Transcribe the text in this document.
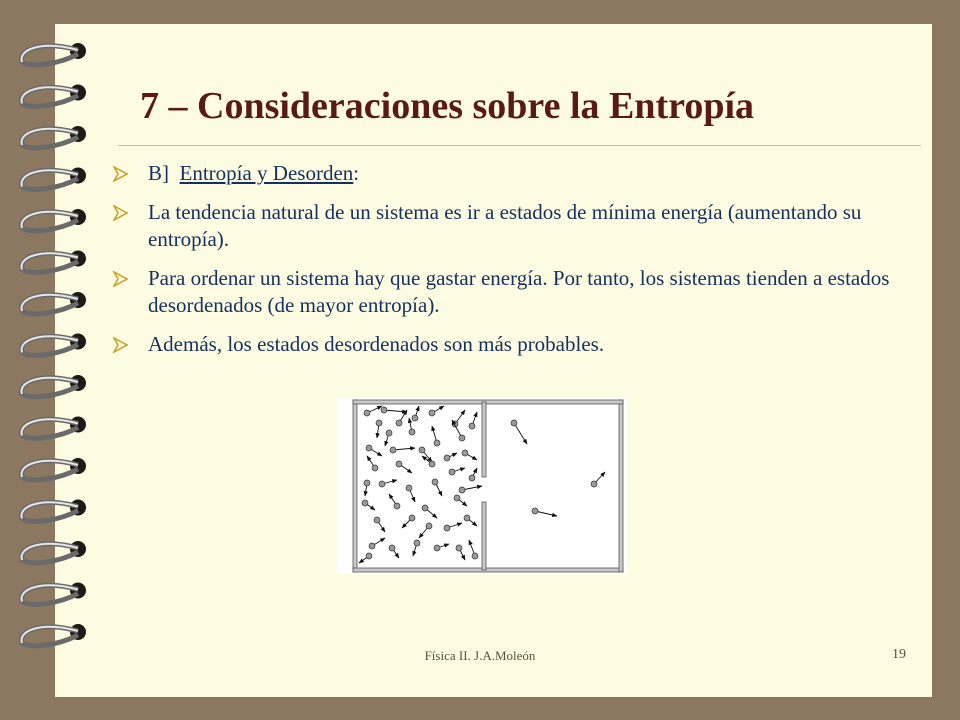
7 – Consideraciones sobre la Entropía
B]  Entropía y Desorden:
La tendencia natural de un sistema es ir a estados de mínima energía (aumentando su entropía).
Para ordenar un sistema hay que gastar energía. Por tanto, los sistemas tienden a estados desordenados (de mayor entropía).
Además, los estados desordenados son más probables.
Física II. J.A.Moleón	19
